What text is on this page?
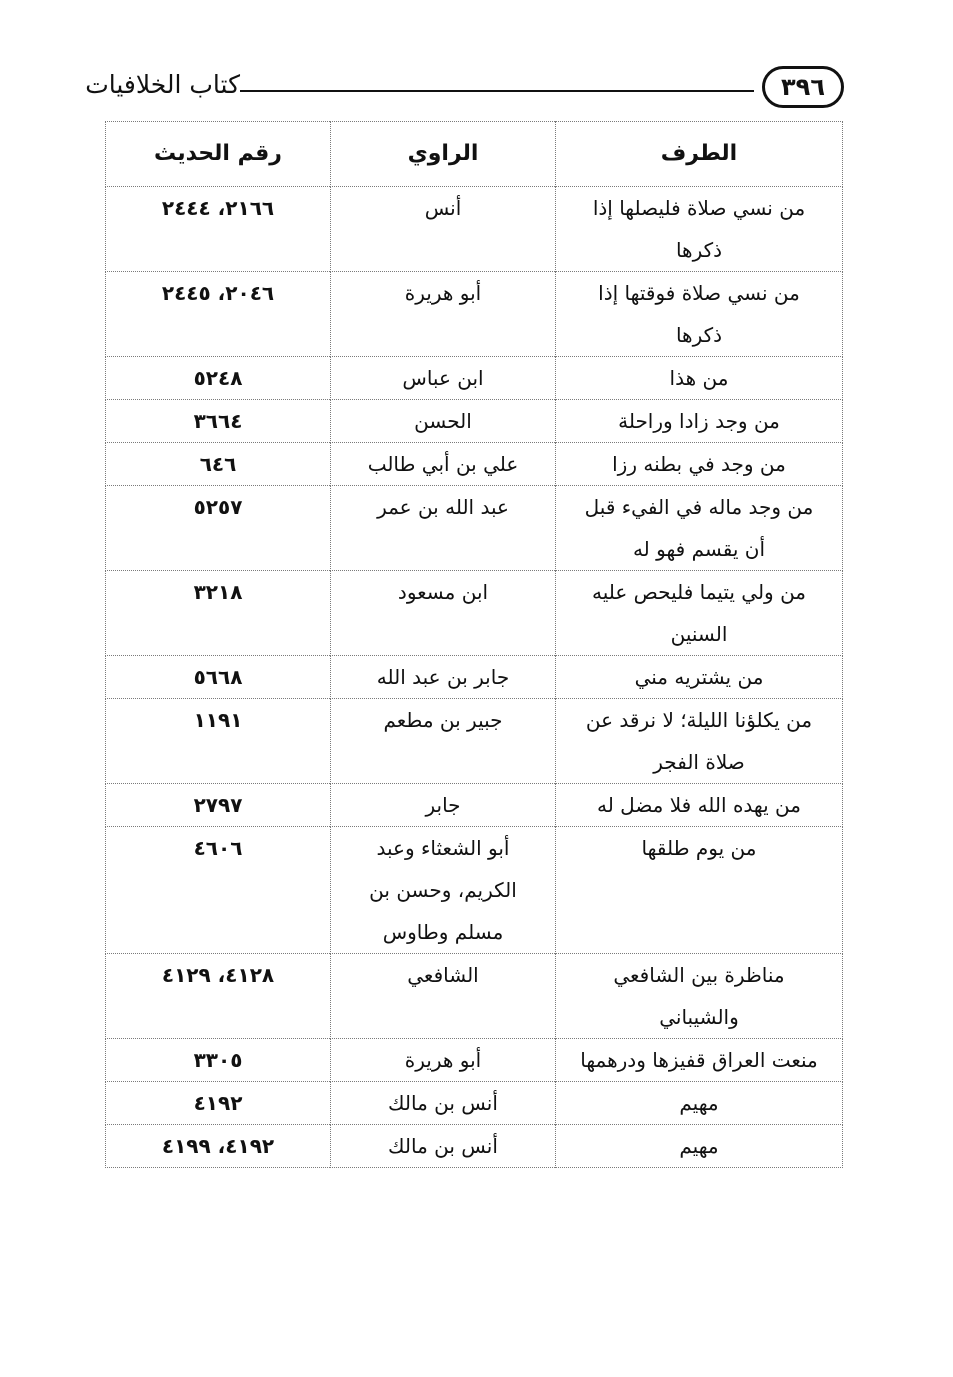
كتاب الخلافيات	٣٩٦
الطرف	الراوي	رقم الحديث
من نسي صلاة فليصلها إذا ذكرها	أنس	٢١٦٦، ٢٤٤٤
من نسي صلاة فوقتها إذا ذكرها	أبو هريرة	٢٠٤٦، ٢٤٤٥
من هذا	ابن عباس	٥٢٤٨
من وجد زادا وراحلة	الحسن	٣٦٦٤
من وجد في بطنه رزا	علي بن أبي طالب	٦٤٦
من وجد ماله في الفيء قبل أن يقسم فهو له	عبد الله بن عمر	٥٢٥٧
من ولي يتيما فليحص عليه السنين	ابن مسعود	٣٢١٨
من يشتريه مني	جابر بن عبد الله	٥٦٦٨
من يكلؤنا الليلة؛ لا نرقد عن صلاة الفجر	جبير بن مطعم	١١٩١
من يهده الله فلا مضل له	جابر	٢٧٩٧
من يوم طلقها	أبو الشعثاء وعبد الكريم، وحسن بن مسلم وطاوس	٤٦٠٦
مناظرة بين الشافعي والشيباني	الشافعي	٤١٢٨، ٤١٢٩
منعت العراق قفيزها ودرهمها	أبو هريرة	٣٣٠٥
مهيم	أنس بن مالك	٤١٩٢
مهيم	أنس بن مالك	٤١٩٢، ٤١٩٩
